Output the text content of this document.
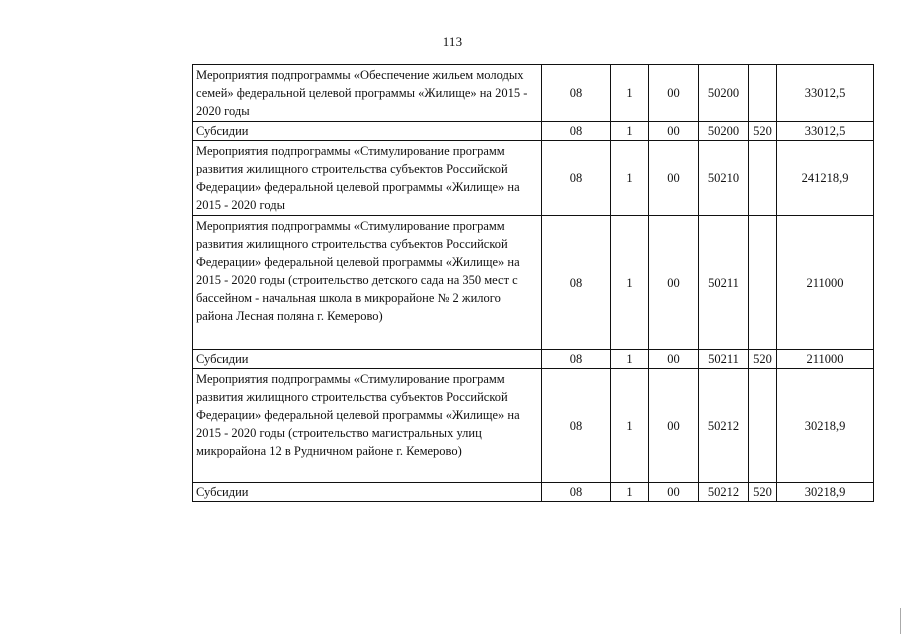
113
Мероприятия подпрограммы «Обеспечение жильем молодых семей» федеральной целевой программы «Жилище» на 2015 - 2020 годы	08	1	00	50200		33012,5
Субсидии	08	1	00	50200	520	33012,5
Мероприятия подпрограммы «Стимулирование программ развития жилищного строительства субъектов Российской Федерации» федеральной целевой программы «Жилище» на 2015 - 2020 годы	08	1	00	50210		241218,9
Мероприятия подпрограммы «Стимулирование программ развития жилищного строительства субъектов Российской Федерации» федеральной целевой программы «Жилище» на 2015 - 2020 годы (строительство детского сада на 350 мест с бассейном - начальная школа в микрорайоне № 2 жилого района Лесная поляна г. Кемерово)	08	1	00	50211		211000
Субсидии	08	1	00	50211	520	211000
Мероприятия подпрограммы «Стимулирование программ развития жилищного строительства субъектов Российской Федерации» федеральной целевой программы «Жилище» на 2015 - 2020 годы (строительство магистральных улиц микрорайона 12 в Рудничном районе г. Кемерово)	08	1	00	50212		30218,9
Субсидии	08	1	00	50212	520	30218,9
